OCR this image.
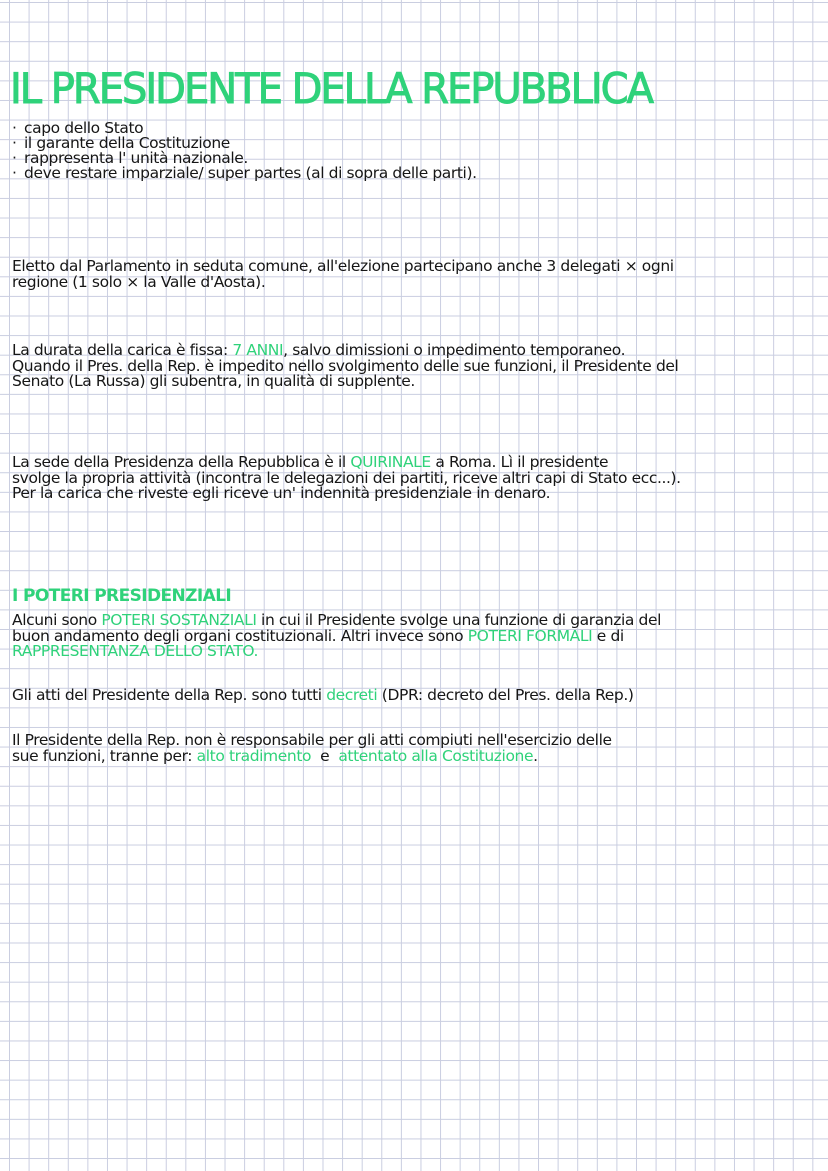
IL PRESIDENTE DELLA REPUBBLICA
· capo dello Stato
· il garante della Costituzione
· rappresenta l' unità nazionale.
· deve restare imparziale/ super partes (al di sopra delle parti).
Eletto dal Parlamento in seduta comune, all'elezione partecipano anche 3 delegati × ogni
regione (1 solo × la Valle d'Aosta).
La durata della carica è fissa: 7 ANNI, salvo dimissioni o impedimento temporaneo.
Quando il Pres. della Rep. è impedito nello svolgimento delle sue funzioni, il Presidente del
Senato (La Russa) gli subentra, in qualità di supplente.
La sede della Presidenza della Repubblica è il QUIRINALE a Roma. Lì il presidente
svolge la propria attività (incontra le delegazioni dei partiti, riceve altri capi di Stato ecc...).
Per la carica che riveste egli riceve un' indennità presidenziale in denaro.
I POTERI PRESIDENZIALI
Alcuni sono POTERI SOSTANZIALI in cui il Presidente svolge una funzione di garanzia del
buon andamento degli organi costituzionali. Altri invece sono POTERI FORMALI e di
RAPPRESENTANZA DELLO STATO.
Gli atti del Presidente della Rep. sono tutti decreti (DPR: decreto del Pres. della Rep.)
Il Presidente della Rep. non è responsabile per gli atti compiuti nell'esercizio delle
sue funzioni, tranne per: alto tradimento  e  attentato alla Costituzione.
